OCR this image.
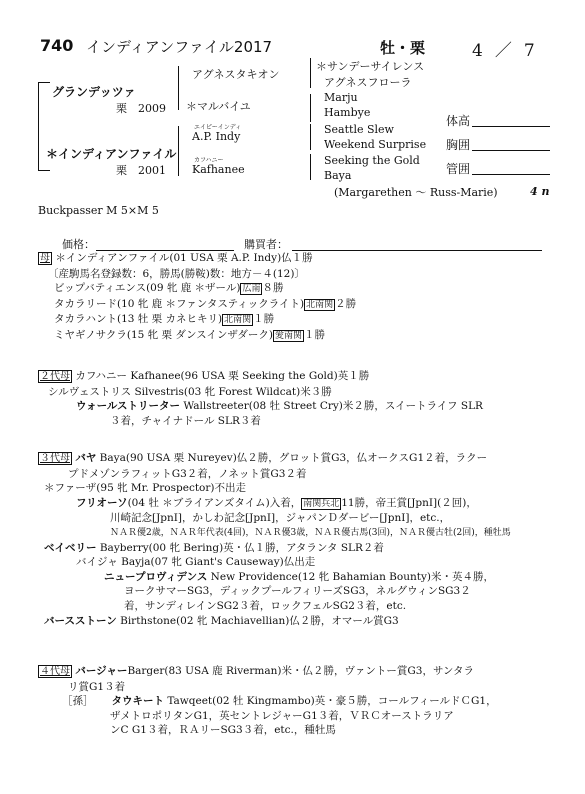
740 インディアンファイル2017	牡・栗	4 ／ 7
グランデッツァ
栗　2009
アグネスタキオン
＊マルバイユ
＊サンデーサイレンス
アグネスフローラ
Marju
Hambye
＊インディアンファイル
栗　2001
エイピーインディ
A.P. Indy
カフハニー
Kafhanee
Seattle Slew
Weekend Surprise
Seeking the Gold
Baya
(Margarethen ～ Russ-Marie)	4 n
体高
胸囲
管囲
Buckpasser M 5×M 5
価格：	購買者：
母 ＊インディアンファイル(01 USA 栗 A.P. Indy)仏１勝
〔産駒馬名登録数：6，勝馬(勝鞍)数：地方－４(12)〕
ビップバティエンス(09 牝 鹿 ＊ザール) 広南 ８勝
タカラリード(10 牝 鹿 ＊ファンタスティックライト) 北南関 ２勝
タカラハント(13 牡 栗 カネヒキリ) 北南関 １勝
ミヤギノサクラ(15 牝 栗 ダンスインザダーク) 愛南関 １勝
２代母 カフハニー Kafhanee(96 USA 栗 Seeking the Gold)英１勝
シルヴェストリス Silvestris(03 牝 Forest Wildcat)米３勝
ウォールストリーター Wallstreeter(08 牡 Street Cry)米２勝，スイートライフ SLR
３着，チャイナドール SLR３着
３代母 バヤ Baya(90 USA 栗 Nureyev)仏２勝，グロット賞G3，仏オークスG1２着，ラクー
プドメゾンラフィットG3２着，ノネット賞G3２着
＊ファーザ(95 牝 Mr. Prospector)不出走
フリオーソ(04 牡 ＊ブライアンズタイム)入着， 南関兵北 11勝，帝王賞[JpnⅠ](２回)，
川崎記念[JpnⅠ]，かしわ記念[JpnⅠ]，ジャパンＤダービー[JpnⅠ]，etc.，
ＮＡＲ優2歳，ＮＡＲ年代表(4回)，ＮＡＲ優3歳，ＮＡＲ優古馬(3回)，ＮＡＲ優古牡(2回)，種牡馬
ベイベリー Bayberry(00 牝 Bering)英・仏１勝，アタランタ SLR２着
バイジャ Bayja(07 牝 Giant's Causeway)仏出走
ニュープロヴィデンス New Providence(12 牝 Bahamian Bounty)米・英４勝，
ヨークサマーSG3，ディックプールフィリーズSG3，ネルグウィンSG3２
着，サンディレインSG2３着，ロックフェルSG2３着，etc.
バースストーン Birthstone(02 牝 Machiavellian)仏２勝，オマール賞G3
４代母 バージャーBarger(83 USA 鹿 Riverman)米・仏２勝，ヴァントー賞G3，サンタラ
リ賞G1３着
［孫］ タウキート Tawqeet(02 牡 Kingmambo)英・豪５勝，コールフィールドＣG1，
ザメトロポリタンG1，英セントレジャーG1３着，ＶＲＣオーストラリア
ンC G1３着，ＲＡリーSG3３着，etc.，種牡馬
